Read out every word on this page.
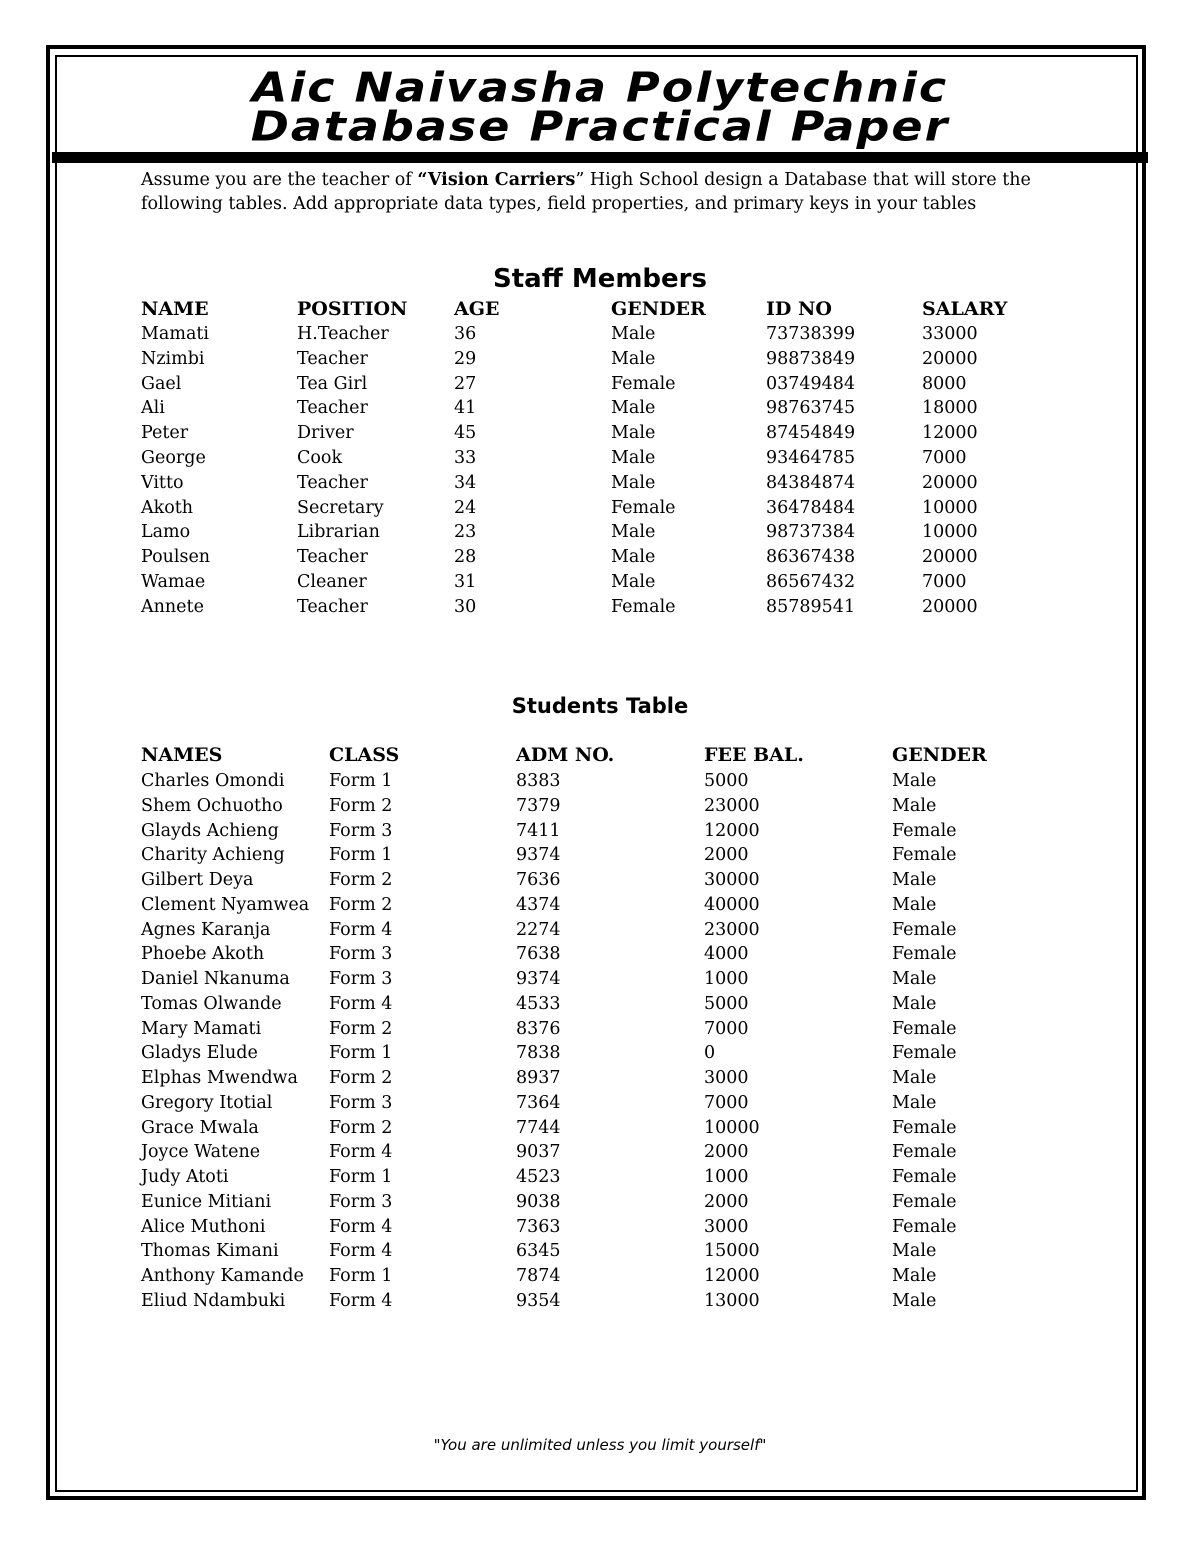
Aic Naivasha Polytechnic
Database Practical Paper
Assume you are the teacher of “Vision Carriers” High School design a Database that will store the
following tables. Add appropriate data types, field properties, and primary keys in your tables
Staff Members
NAME	POSITION AGE	GENDER	ID NO	SALARY
Mamati	H.Teacher	36	Male	73738399	33000
Nzimbi	Teacher	29	Male	98873849	20000
Gael	Tea Girl	27	Female	03749484	8000
Ali	Teacher	41	Male	98763745	18000
Peter	Driver	45	Male	87454849	12000
George	Cook	33	Male	93464785	7000
Vitto	Teacher	34	Male	84384874	20000
Akoth	Secretary	24	Female	36478484	10000
Lamo	Librarian	23	Male	98737384	10000
Poulsen	Teacher	28	Male	86367438	20000
Wamae	Cleaner	31	Male	86567432	7000
Annete	Teacher	30	Female	85789541	20000
Students Table
NAMES	CLASS	ADM NO.	FEE BAL.	GENDER
Charles Omondi	Form 1	8383	5000	Male
Shem Ochuotho	Form 2	7379	23000	Male
Glayds Achieng	Form 3	7411	12000	Female
Charity Achieng	Form 1	9374	2000	Female
Gilbert Deya	Form 2	7636	30000	Male
Clement Nyamwea Form 2	4374	40000	Male
Agnes Karanja	Form 4	2274	23000	Female
Phoebe Akoth	Form 3	7638	4000	Female
Daniel Nkanuma Form 3	9374	1000	Male
Tomas Olwande	Form 4	4533	5000	Male
Mary Mamati	Form 2	8376	7000	Female
Gladys Elude	Form 1	7838	0	Female
Elphas Mwendwa Form 2	8937	3000	Male
Gregory Itotial	Form 3	7364	7000	Male
Grace Mwala	Form 2	7744	10000	Female
Joyce Watene	Form 4	9037	2000	Female
Judy Atoti	Form 1	4523	1000	Female
Eunice Mitiani	Form 3	9038	2000	Female
Alice Muthoni	Form 4	7363	3000	Female
Thomas Kimani	Form 4	6345	15000	Male
Anthony Kamande Form 1	7874	12000	Male
Eliud Ndambuki	Form 4	9354	13000	Male
"You are unlimited unless you limit yourself"
